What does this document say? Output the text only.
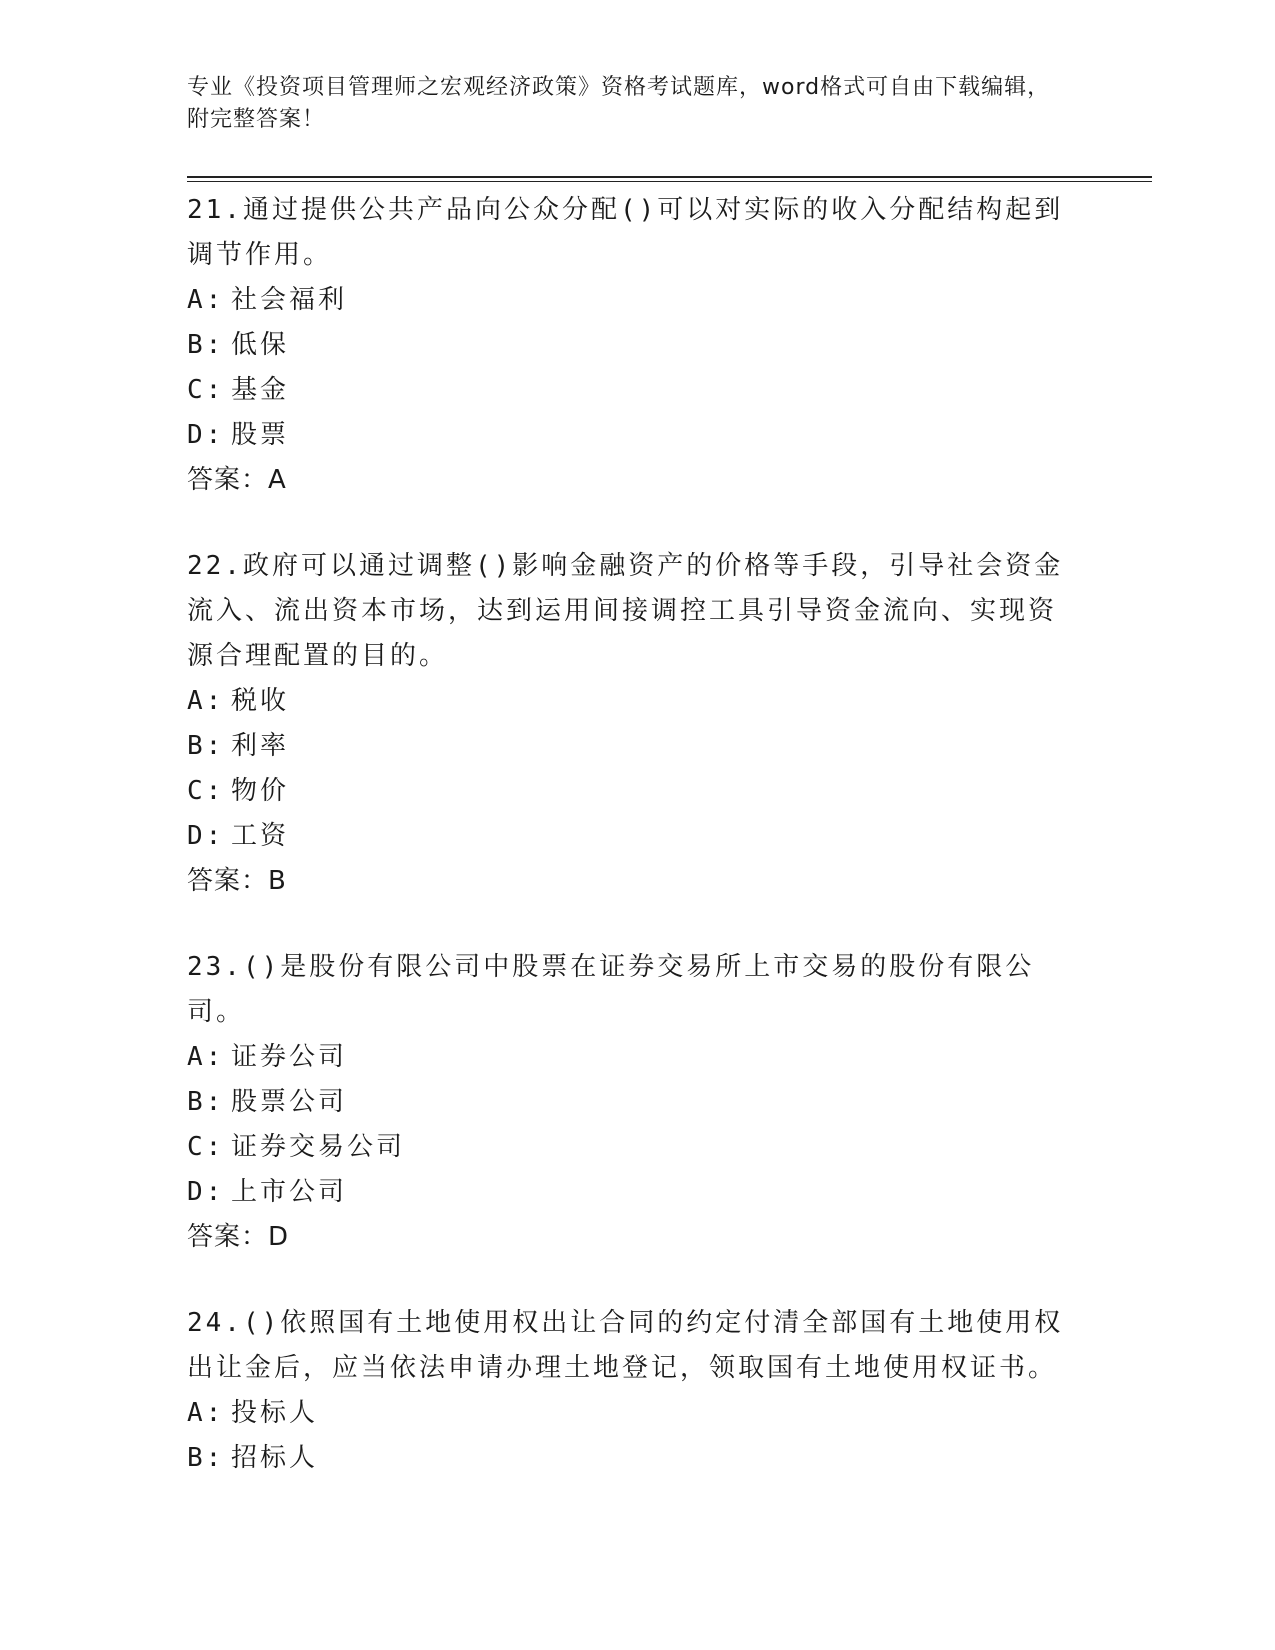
专业《投资项目管理师之宏观经济政策》资格考试题库，word格式可自由下载编辑，附完整答案！

21.通过提供公共产品向公众分配()可以对实际的收入分配结构起到调节作用。

A: 社会福利

B: 低保

C: 基金

D: 股票

答案：A

22.政府可以通过调整()影响金融资产的价格等手段，引导社会资金流入、流出资本市场，达到运用间接调控工具引导资金流向、实现资源合理配置的目的。

A: 税收

B: 利率

C: 物价

D: 工资

答案：B

23.()是股份有限公司中股票在证券交易所上市交易的股份有限公司。

A: 证券公司

B: 股票公司

C: 证券交易公司

D: 上市公司

答案：D

24.()依照国有土地使用权出让合同的约定付清全部国有土地使用权出让金后，应当依法申请办理土地登记，领取国有土地使用权证书。

A: 投标人

B: 招标人
